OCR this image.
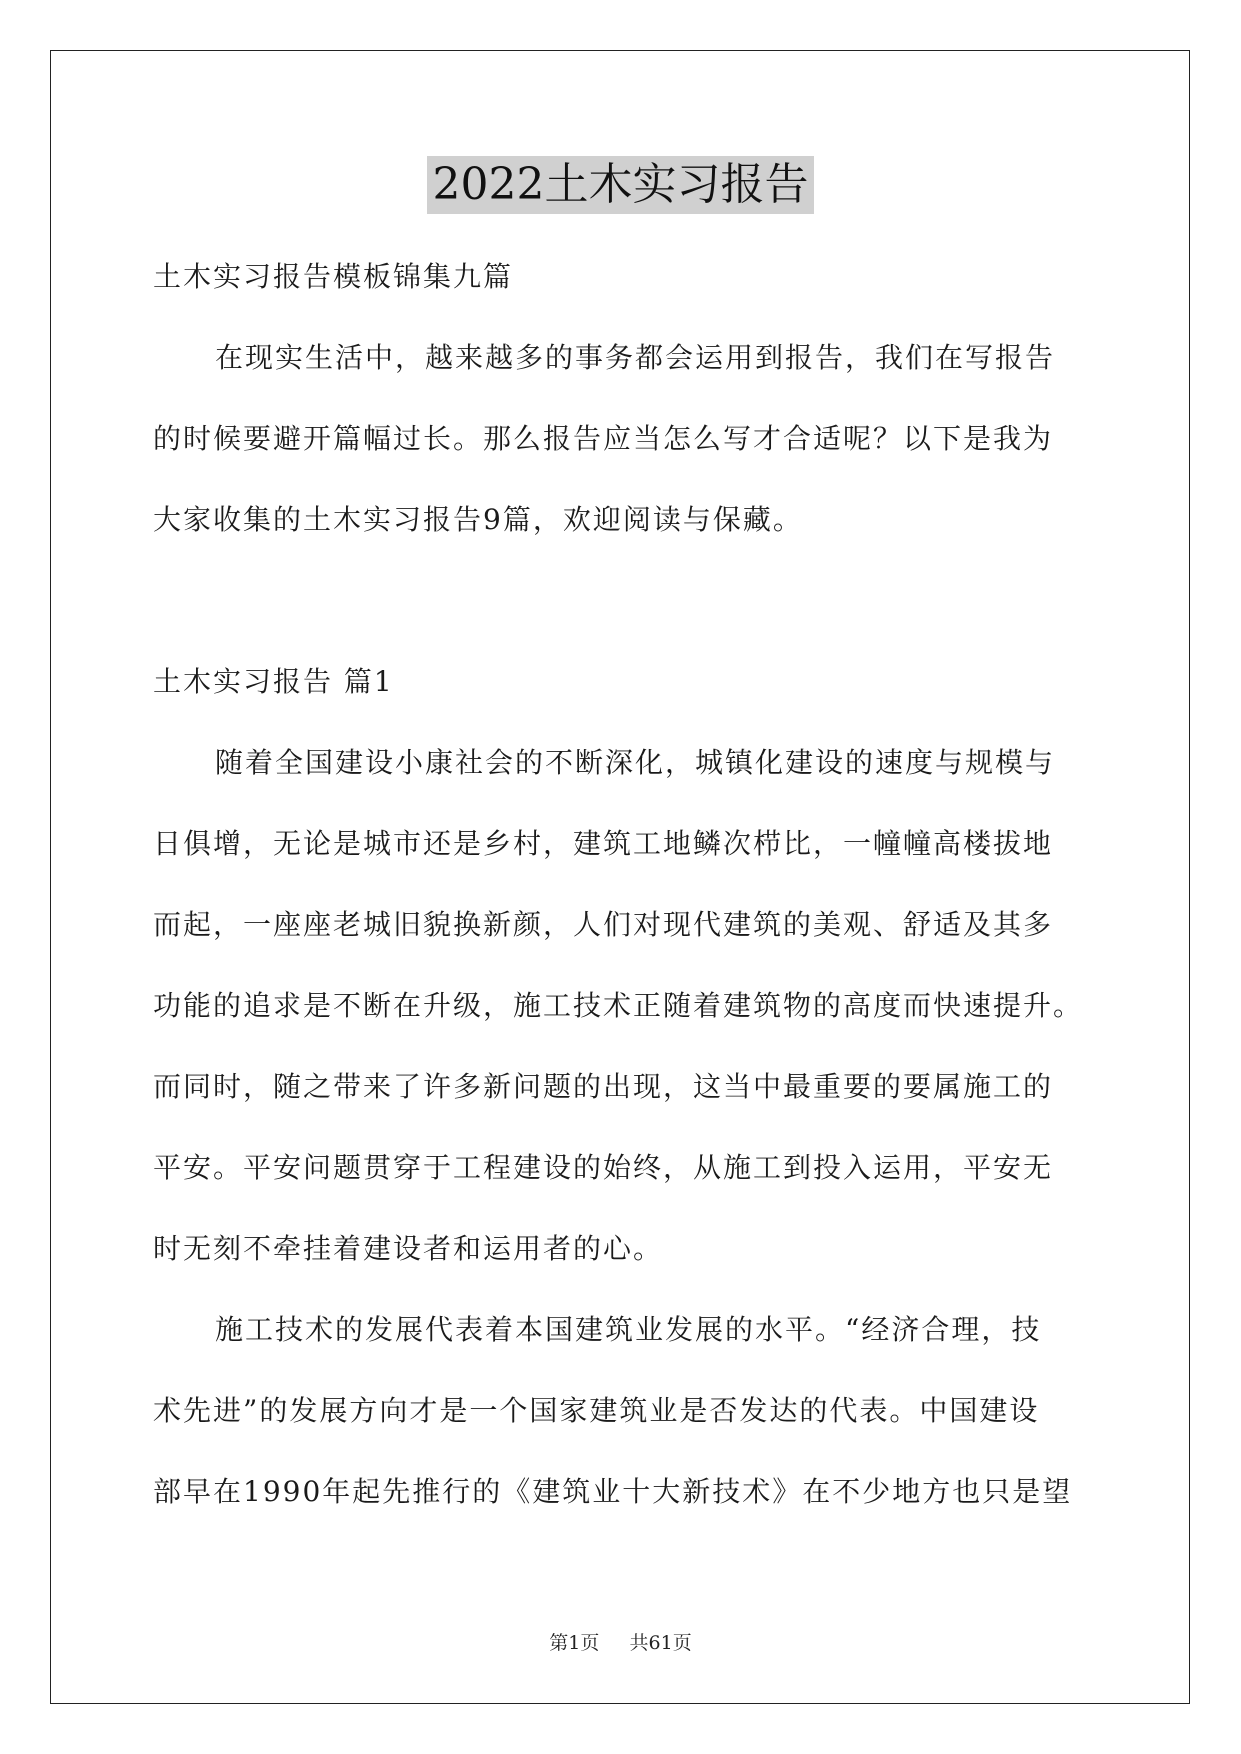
2022土木实习报告

土木实习报告模板锦集九篇

在现实生活中，越来越多的事务都会运用到报告，我们在写报告

的时候要避开篇幅过长。那么报告应当怎么写才合适呢？以下是我为

大家收集的土木实习报告9篇，欢迎阅读与保藏。

土木实习报告 篇1

随着全国建设小康社会的不断深化，城镇化建设的速度与规模与

日俱增，无论是城市还是乡村，建筑工地鳞次栉比，一幢幢高楼拔地

而起，一座座老城旧貌换新颜，人们对现代建筑的美观、舒适及其多

功能的追求是不断在升级，施工技术正随着建筑物的高度而快速提升。

而同时，随之带来了许多新问题的出现，这当中最重要的要属施工的

平安。平安问题贯穿于工程建设的始终，从施工到投入运用，平安无

时无刻不牵挂着建设者和运用者的心。

施工技术的发展代表着本国建筑业发展的水平。“经济合理，技

术先进”的发展方向才是一个国家建筑业是否发达的代表。中国建设

部早在1990年起先推行的《建筑业十大新技术》在不少地方也只是望

第1页 共61页
